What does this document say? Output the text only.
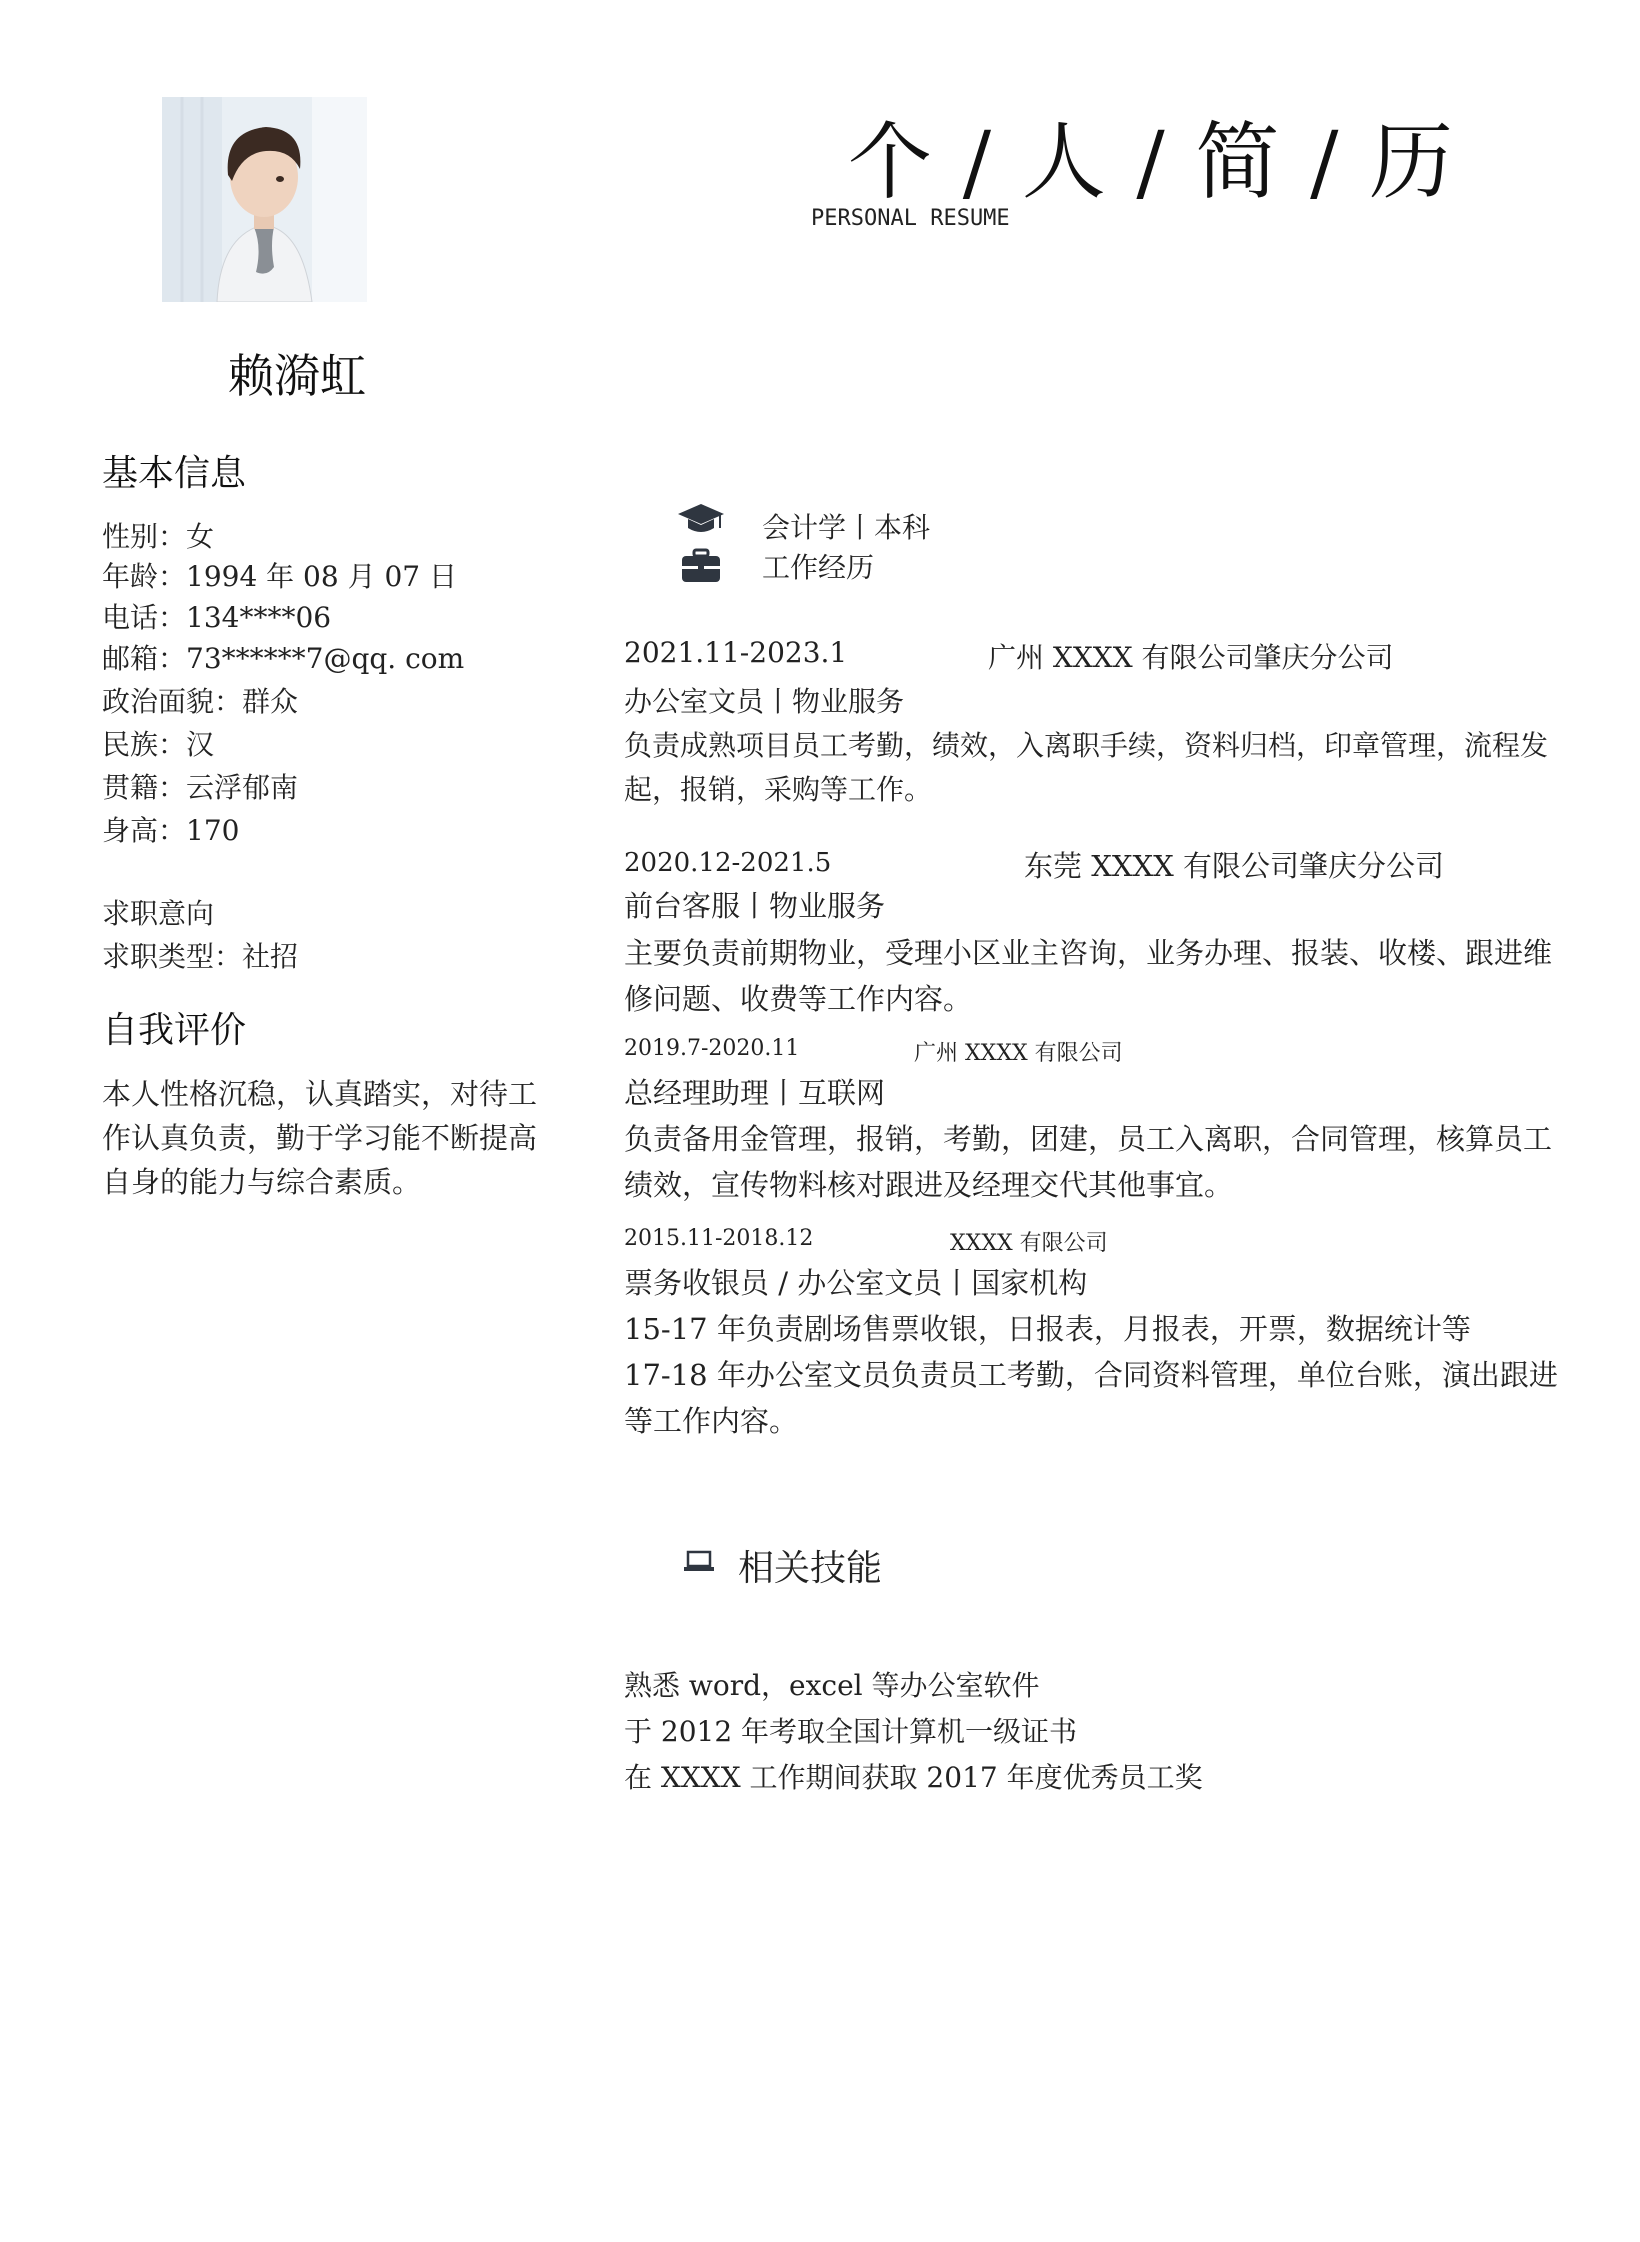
个 / 人 / 简 / 历
PERSONAL RESUME
赖漪虹
基本信息
性别：女
年龄：1994 年 08 月 07 日
电话：134****06
邮箱：73******7@qq. com
政治面貌：群众
民族：汉
贯籍：云浮郁南
身高：170
求职意向
求职类型：社招
自我评价
本人性格沉稳，认真踏实，对待工作认真负责，勤于学习能不断提高自身的能力与综合素质。
会计学丨本科
工作经历
2021.11-2023.1	广州 XXXX 有限公司肇庆分公司
办公室文员丨物业服务
负责成熟项目员工考勤，绩效，入离职手续，资料归档，印章管理，流程发起，报销，采购等工作。
2020.12-2021.5	东莞 XXXX 有限公司肇庆分公司
前台客服丨物业服务
主要负责前期物业，受理小区业主咨询，业务办理、报装、收楼、跟进维修问题、收费等工作内容。
2019.7-2020.11	广州 XXXX 有限公司
总经理助理丨互联网
负责备用金管理，报销，考勤，团建，员工入离职，合同管理，核算员工绩效，宣传物料核对跟进及经理交代其他事宜。
2015.11-2018.12	XXXX 有限公司
票务收银员 / 办公室文员丨国家机构
15-17 年负责剧场售票收银，日报表，月报表，开票，数据统计等
17-18 年办公室文员负责员工考勤，合同资料管理，单位台账，演出跟进等工作内容。
相关技能
熟悉 word，excel 等办公室软件
于 2012 年考取全国计算机一级证书
在 XXXX 工作期间获取 2017 年度优秀员工奖
